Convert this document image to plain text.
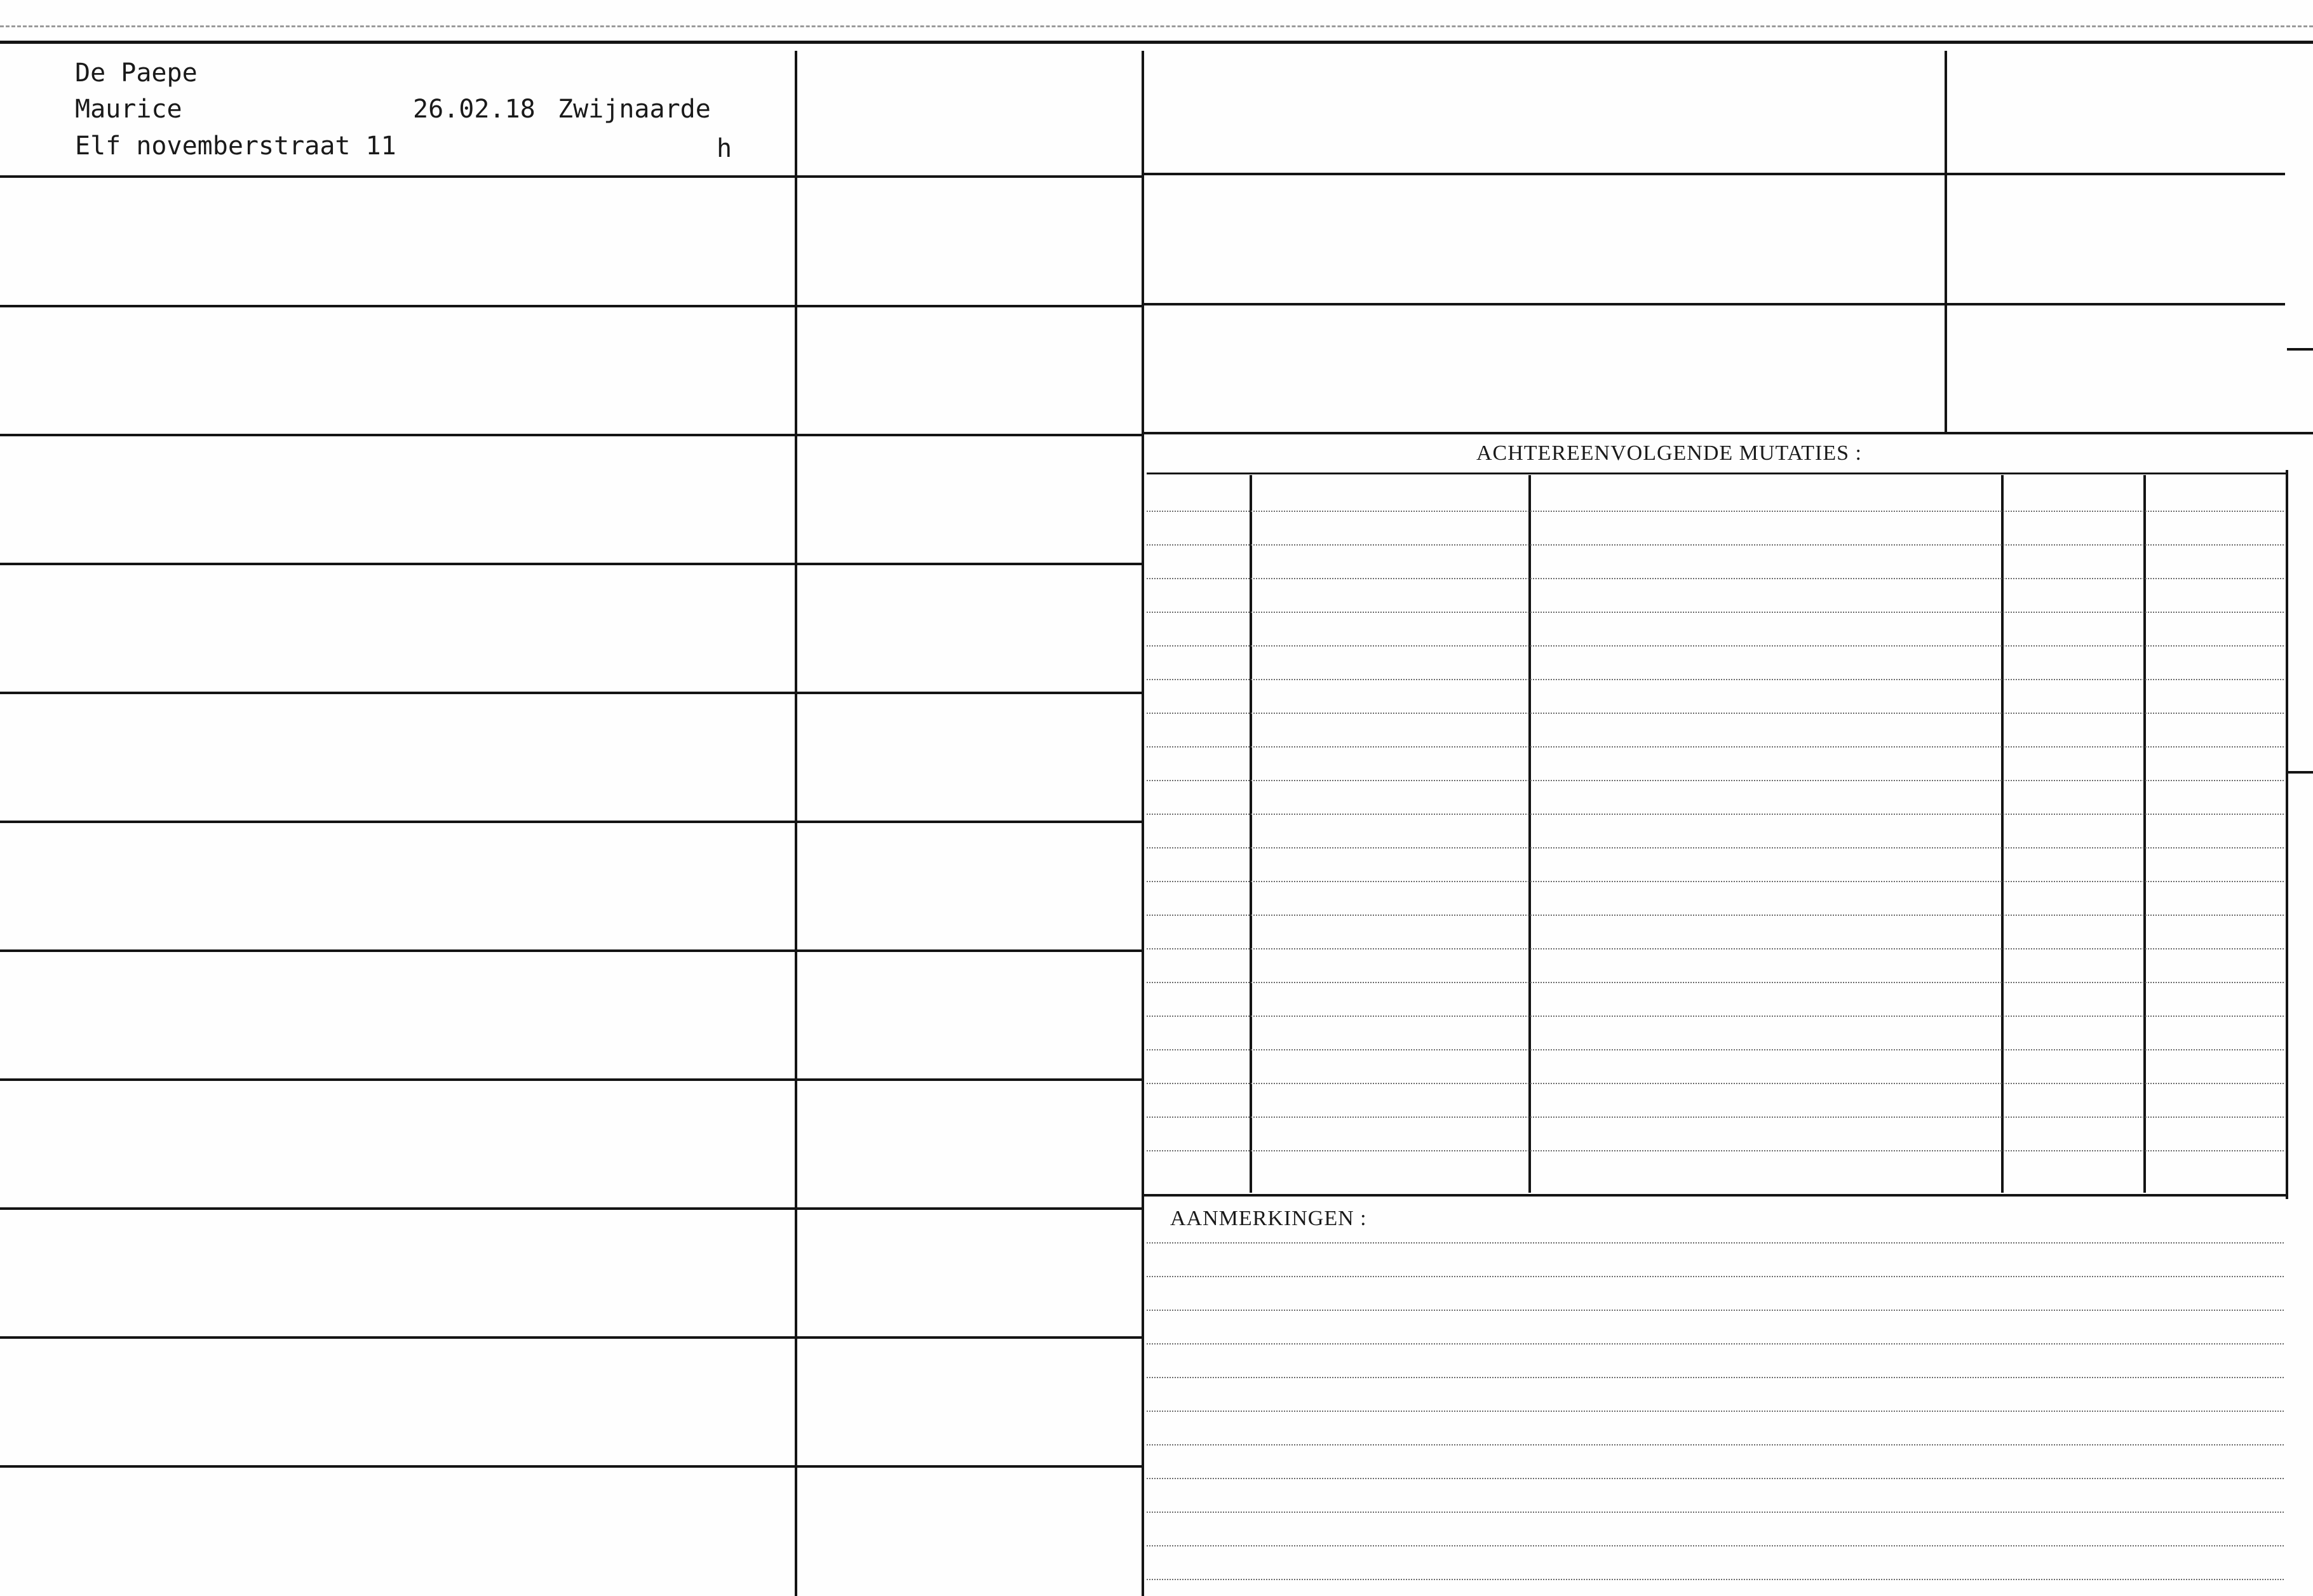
De Paepe
Maurice	26.02.18 Zwijnaarde
Elf novemberstraat 11	h
ACHTEREENVOLGENDE MUTATIES :
AANMERKINGEN :
